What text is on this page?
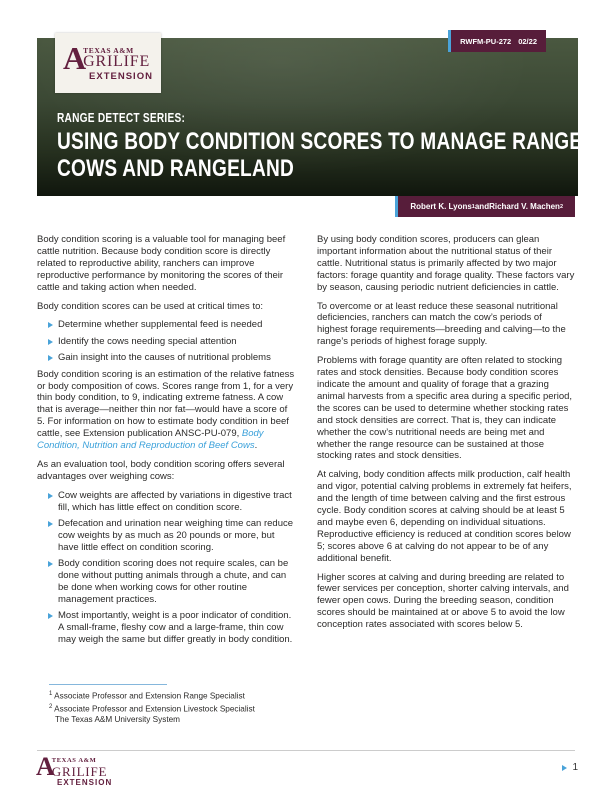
A
TEXAS A&M
GRILIFE
EXTENSION
RWFM-PU-272 02/22
RANGE DETECT SERIES:
USING BODY CONDITION SCORES TO MANAGE RANGE
COWS AND RANGELAND
Robert K. Lyons 1 and Richard V. Machen 2

Body condition scoring is a valuable tool for managing beef cattle nutrition. Because body condition score is directly related to reproductive ability, ranchers can improve reproductive performance by monitoring the scores of their cattle and taking action when needed.

Body condition scores can be used at critical times to:

Determine whether supplemental feed is needed
Identify the cows needing special attention
Gain insight into the causes of nutritional problems

Body condition scoring is an estimation of the relative fatness or body composition of cows. Scores range from 1, for a very thin body condition, to 9, indicating extreme fatness. A cow that is average—neither thin nor fat—would have a score of 5. For information on how to estimate body condition in beef cattle, see Extension publication ANSC-PU-079, Body Condition, Nutrition and Reproduction of Beef Cows.

As an evaluation tool, body condition scoring offers several advantages over weighing cows:

Cow weights are affected by variations in digestive tract fill, which has little effect on condition score.
Defecation and urination near weighing time can reduce cow weights by as much as 20 pounds or more, but have little effect on condition scoring.
Body condition scoring does not require scales, can be done without putting animals through a chute, and can be done when working cows for other routine management practices.
Most importantly, weight is a poor indicator of condition. A small-frame, fleshy cow and a large-frame, thin cow may weigh the same but differ greatly in body condition.

By using body condition scores, producers can glean important information about the nutritional status of their cattle. Nutritional status is primarily affected by two major factors: forage quantity and forage quality. These factors vary by season, causing periodic nutrient deficiencies in cattle.

To overcome or at least reduce these seasonal nutritional deficiencies, ranchers can match the cow’s periods of highest forage requirements—breeding and calving—to the range’s periods of highest forage supply.

Problems with forage quantity are often related to stocking rates and stock densities. Because body condition scores indicate the amount and quality of forage that a grazing animal harvests from a specific area during a specific period, the scores can be used to determine whether stocking rates and stock densities are correct. That is, they can indicate whether the cow’s nutritional needs are being met and whether the range resource can be sustained at those stocking rates and stock densities.

At calving, body condition affects milk production, calf health and vigor, potential calving problems in extremely fat heifers, and the length of time between calving and the first estrous cycle. Body condition scores at calving should be at least 5 and maybe even 6, depending on individual situations. Reproductive efficiency is reduced at condition scores below 5; scores above 6 at calving do not appear to be of any additional benefit.

Higher scores at calving and during breeding are related to fewer services per conception, shorter calving intervals, and fewer open cows. During the breeding season, condition scores should be maintained at or above 5 to avoid the low conception rates associated with scores below 5.

$^1$ Associate Professor and Extension Range Specialist
$^2$ Associate Professor and Extension Livestock Specialist
The Texas A&M University System
A
TEXAS A&M
GRILIFE
EXTENSION
1
